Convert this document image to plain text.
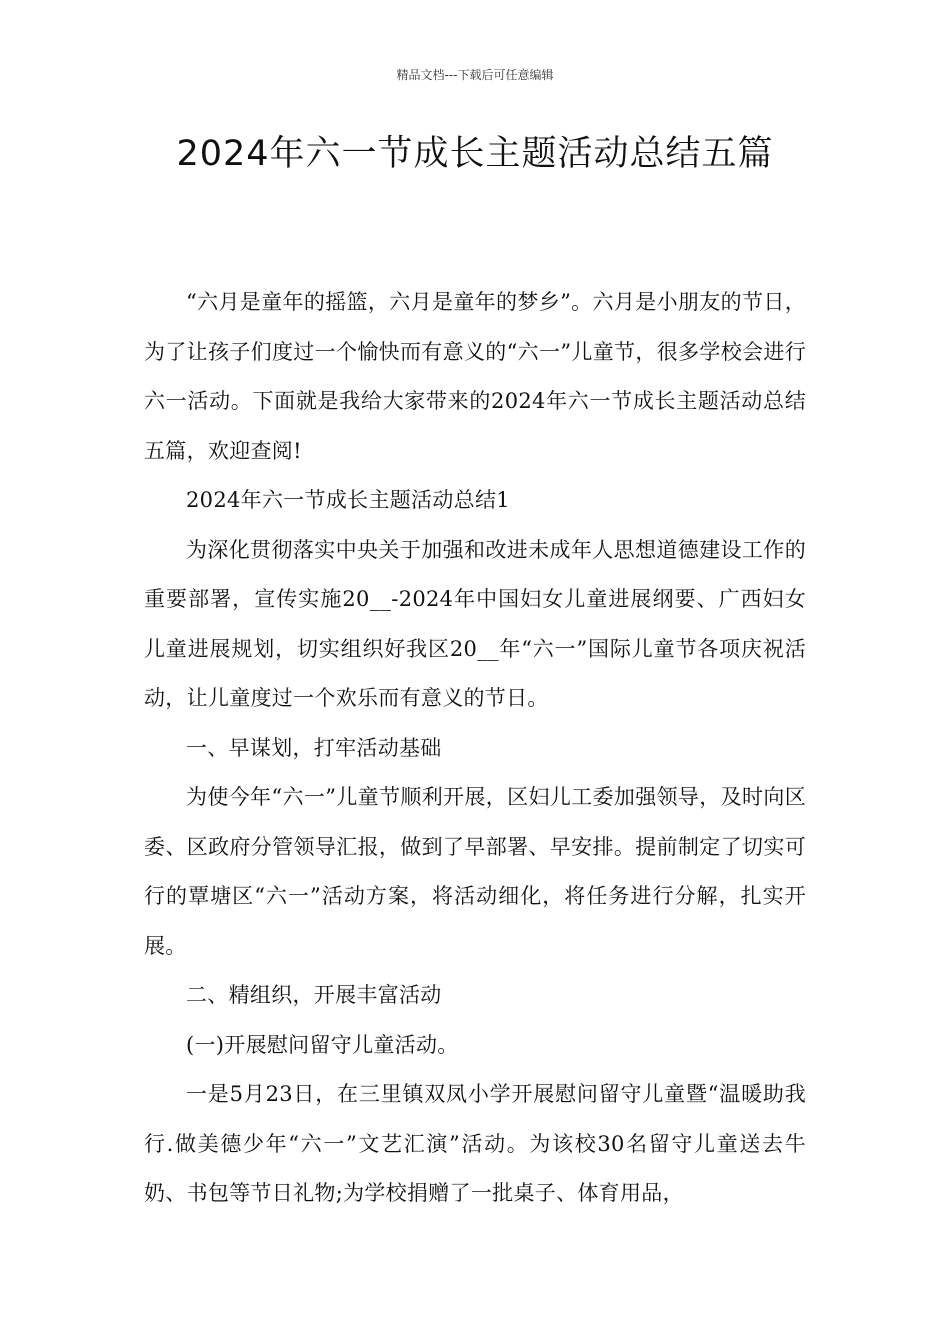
精品文档---下载后可任意编辑
2024年六一节成长主题活动总结五篇

“六月是童年的摇篮，六月是童年的梦乡”。六月是小朋友的节日，为了让孩子们度过一个愉快而有意义的“六一”儿童节，很多学校会进行六一活动。下面就是我给大家带来的2024年六一节成长主题活动总结五篇，欢迎查阅!

2024年六一节成长主题活动总结1

为深化贯彻落实中央关于加强和改进未成年人思想道德建设工作的重要部署，宣传实施20__-2024年中国妇女儿童进展纲要、广西妇女儿童进展规划，切实组织好我区20__年“六一”国际儿童节各项庆祝活动，让儿童度过一个欢乐而有意义的节日。

一、早谋划，打牢活动基础

为使今年“六一”儿童节顺利开展，区妇儿工委加强领导，及时向区委、区政府分管领导汇报，做到了早部署、早安排。提前制定了切实可行的覃塘区“六一”活动方案，将活动细化，将任务进行分解，扎实开展。

二、精组织，开展丰富活动

(一)开展慰问留守儿童活动。

一是5月23日，在三里镇双凤小学开展慰问留守儿童暨“温暖助我行.做美德少年“六一”文艺汇演”活动。为该校30名留守儿童送去牛奶、书包等节日礼物;为学校捐赠了一批桌子、体育用品，
